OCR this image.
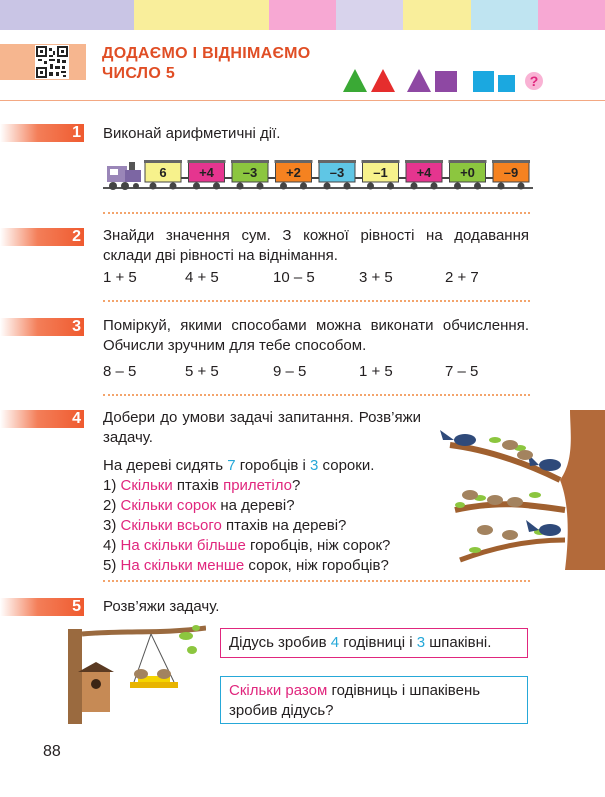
ДОДАЄМО І ВІДНІМАЄМО
ЧИСЛО 5	?
1 Виконай арифметичні дії.
6 +4 –3 +2 –3 –1 +4 +0 –9
2 Знайди значення сум. З кожної рівності на додавання склади дві рівності на віднімання.
1 + 5	4 + 5	10 – 5	3 + 5	2 + 7
3 Поміркуй, якими способами можна виконати обчислення. Обчисли зручним для тебе способом.
8 – 5	5 + 5	9 – 5	1 + 5	7 – 5
4 Добери до умови задачі запитання. Розв’яжи задачу.
На дереві сидять 7 горобців і 3 сороки.
1) Скільки птахів прилетіло?
2) Скільки сорок на дереві?
3) Скільки всього птахів на дереві?
4) На скільки більше горобців, ніж сорок?
5) На скільки менше сорок, ніж горобців?
5 Розв’яжи задачу.
Дідусь зробив 4 годівниці і 3 шпаківні.
Скільки разом годівниць і шпаківень зробив дідусь?
88
